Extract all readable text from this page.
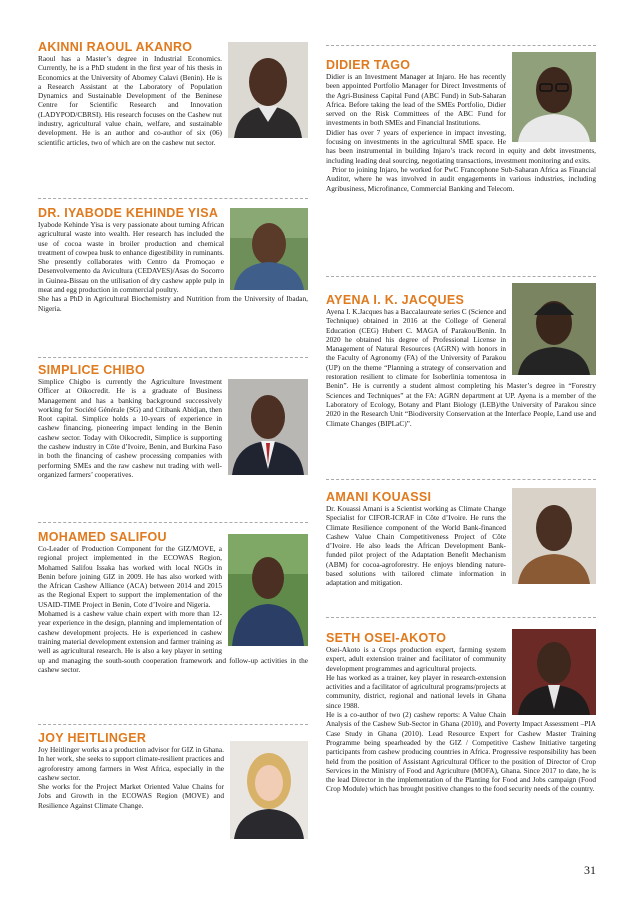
AKINNI RAOUL AKANRO

Raoul has a Master’s degree in Industrial Economics. Currently, he is a PhD student in the first year of his thesis in Economics at the University of Abomey Calavi (Benin). He is a Research Assistant at the Laboratory of Population Dynamics and Sustainable Development of the Beninese Centre for Scientific Research and Innovation (LADYPOD/CBRSI). His research focuses on the Cashew nut industry, agricultural value chain, welfare, and sustainable development. He is an author and co-author of six (06) scientific articles, two of which are on the cashew nut sector.

DR. IYABODE KEHINDE YISA

Iyabode Kehinde Yisa is very passionate about turning African agricultural waste into wealth. Her research has included the use of cocoa waste in broiler production and chemical treatment of cowpea husk to enhance digestibility in ruminants. She presently collaborates with Centro da Promoçao e Desenvolvemento da Avicultura (CEDAVES)/Asas do Socorro in Guinea-Bissau on the utilisation of dry cashew apple pulp in meat and egg production in commercial poultry.

She has a PhD in Agricultural Biochemistry and Nutrition from the University of Ibadan, Nigeria.

SIMPLICE CHIBO

Simplice Chigbo is currently the Agriculture Investment Officer at Oikocredit. He is a graduate of Business Management and has a banking background successively working for Société Générale (SG) and Citibank Abidjan, then Root capital. Simplice holds a 10-years of experience in cashew financing, pioneering impact lending in the Benin cashew sector. Today with Oikocredit, Simplice is supporting the cashew industry in Côte d’Ivoire, Benin, and Burkina Faso in both the financing of cashew processing companies with performing SMEs and the raw cashew nut trading with well-organized farmers’ cooperatives.

MOHAMED SALIFOU

Co-Leader of Production Component for the GIZ/MOVE, a regional project implemented in the ECOWAS Region, Mohamed Salifou Issaka has worked with local NGOs in Benin before joining GIZ in 2009. He has also worked with the African Cashew Alliance (ACA) between 2014 and 2015 as the Regional Expert to support the implementation of the USAID-TIME Project in Benin, Cote d’Ivoire and Nigeria.

Mohamed is a cashew value chain expert with more than 12-year experience in the design, planning and implementation of cashew development projects. He is experienced in cashew training material development extension and farmer training as well as agricultural research. He is also a key player in setting up and managing the south-south cooperation framework and follow-up activities in the cashew sector.

JOY HEITLINGER

Joy Heitlinger works as a production advisor for GIZ in Ghana. In her work, she seeks to support climate-resilient practices and agroforestry among farmers in West Africa, especially in the cashew sector.

She works for the Project Market Oriented Value Chains for Jobs and Growth in the ECOWAS Region (MOVE) and Resilience Against Climate Change.

DIDIER TAGO

Didier is an Investment Manager at Injaro. He has recently been appointed Portfolio Manager for Direct Investments of the Agri-Business Capital Fund (ABC Fund) in Sub-Saharan Africa. Before taking the lead of the SMEs Portfolio, Didier served on the Risk Committees of the ABC Fund for investments in both SMEs and Financial Institutions.

Didier has over 7 years of experience in impact investing, focusing on investments in the agricultural SME space. He has been instrumental in building Injaro’s track record in equity and debt investments, including leading deal sourcing, negotiating transactions, investment monitoring and exits.

Prior to joining Injaro, he worked for PwC Francophone Sub-Saharan Africa as Financial Auditor, where he was involved in audit engagements in various industries, including Agribusiness, Microfinance, Commercial Banking and Telecom.

AYENA I. K. JACQUES

Ayena I. K.Jacques has a Baccalaureate series C (Science and Technique) obtained in 2016 at the College of General Education (CEG) Hubert C. MAGA of Parakou/Benin. In 2020 he obtained his degree of Professional License in Management of Natural Resources (AGRN) with honors in the Faculty of Agronomy (FA) of the University of Parakou (UP) on the theme “Planning a strategy of conservation and restoration resilient to climate for Isoberlinia tomentosa in Benin”. He is currently a student almost completing his Master’s degree in “Forestry Sciences and Techniques” at the FA: AGRN department at UP. Ayena is a member of the Laboratory of Ecology, Botany and Plant Biology (LEB)/the University of Parakou since 2020 in the Research Unit “Biodiversity Conservation at the Interface People, Land use and Climate Changes (BIPLaC)”.

AMANI KOUASSI

Dr. Kouassi Amani is a Scientist working as Climate Change Specialist for CIFOR-ICRAF in Côte d’Ivoire. He runs the Climate Resilience component of the World Bank-financed Cashew Value Chain Competitiveness Project of Côte d’Ivoire. He also leads the African Development Bank-funded pilot project of the Adaptation Benefit Mechanism (ABM) for cocoa-agroforestry. He enjoys blending nature-based solutions with tailored climate information in adaptation and mitigation.

SETH OSEI-AKOTO

Osei-Akoto is a Crops production expert, farming system expert, adult extension trainer and facilitator of community development programmes and agricultural projects.

He has worked as a trainer, key player in research-extension activities and a facilitator of agricultural programs/projects at community, district, regional and national levels in Ghana since 1988.

He is a co-author of two (2) cashew reports: A Value Chain Analysis of the Cashew Sub-Sector in Ghana (2010), and Poverty Impact Assessment –PIA Case Study in Ghana (2010). Lead Resource Expert for Cashew Master Training Programme being spearheaded by the GIZ / Competitive Cashew Initiative targeting participants from cashew producing countries in Africa. Progressive responsibility has been held from the position of Assistant Agricultural Officer to the position of Director of Crop Services in the Ministry of Food and Agriculture (MOFA), Ghana. Since 2017 to date, he is the lead Director in the implementation of the Planting for Food and Jobs campaign (Food Crop Module) which has brought positive changes to the food security needs of the country.

31
